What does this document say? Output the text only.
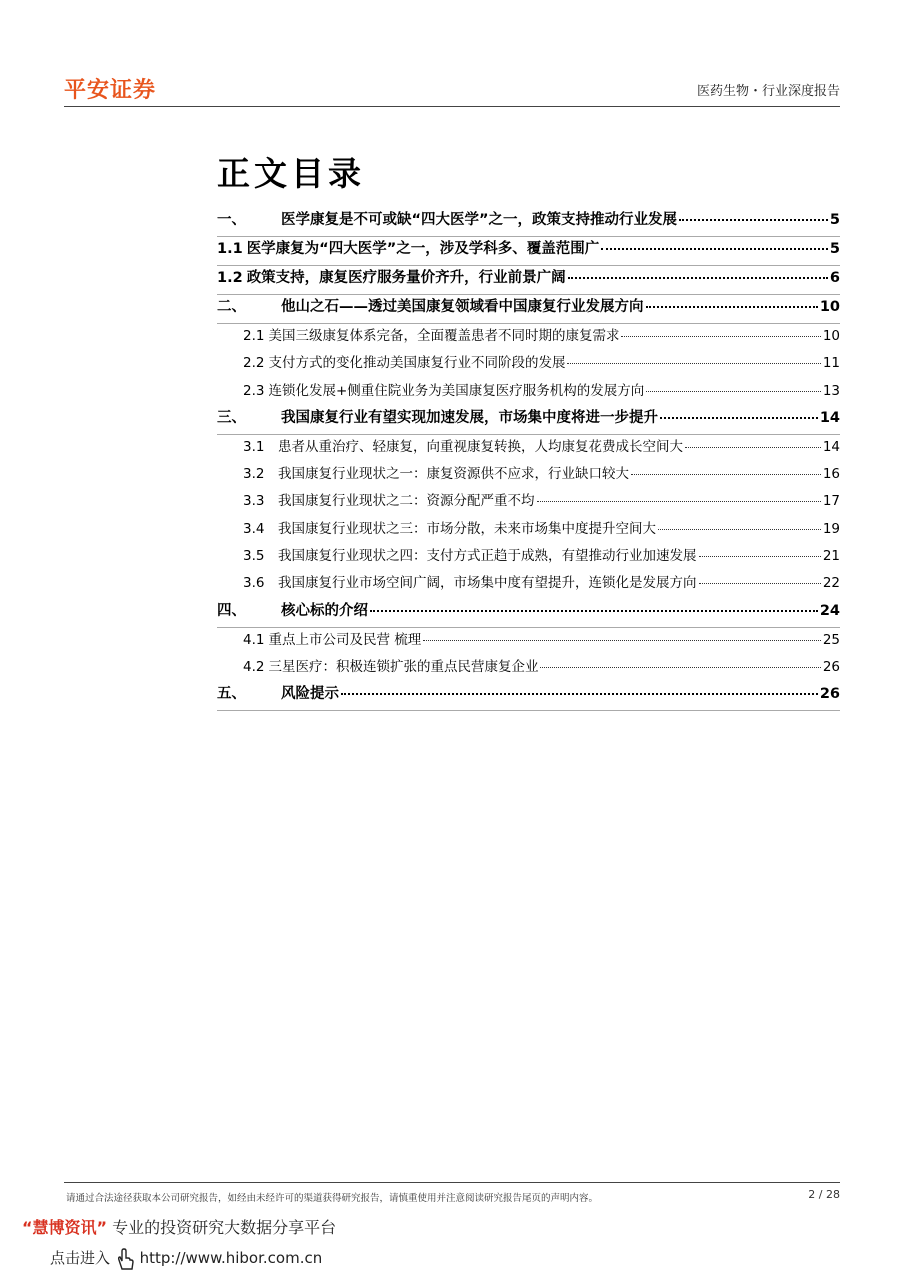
平安证券	医药生物・行业深度报告
正文目录
一、	医学康复是不可或缺“四大医学”之一，政策支持推动行业发展	5
1.1 医学康复为“四大医学”之一，涉及学科多、覆盖范围广	5
1.2 政策支持，康复医疗服务量价齐升，行业前景广阔	6
二、	他山之石——透过美国康复领域看中国康复行业发展方向	10
2.1 美国三级康复体系完备，全面覆盖患者不同时期的康复需求	10
2.2 支付方式的变化推动美国康复行业不同阶段的发展	11
2.3 连锁化发展+侧重住院业务为美国康复医疗服务机构的发展方向	13
三、	我国康复行业有望实现加速发展，市场集中度将进一步提升	14
3.1	患者从重治疗、轻康复，向重视康复转换，人均康复花费成长空间大	14
3.2	我国康复行业现状之一：康复资源供不应求，行业缺口较大	16
3.3	我国康复行业现状之二：资源分配严重不均	17
3.4	我国康复行业现状之三：市场分散，未来市场集中度提升空间大	19
3.5	我国康复行业现状之四：支付方式正趋于成熟，有望推动行业加速发展	21
3.6	我国康复行业市场空间广阔，市场集中度有望提升，连锁化是发展方向	22
四、	核心标的介绍	24
4.1 重点上市公司及民营 梳理	25
4.2 三星医疗：积极连锁扩张的重点民营康复企业	26
五、	风险提示	26
请通过合法途径获取本公司研究报告，如经由未经许可的渠道获得研究报告，请慎重使用并注意阅读研究报告尾页的声明内容。	2 / 28
“慧博资讯” 专业的投资研究大数据分享平台
点击进入 http://www.hibor.com.cn
